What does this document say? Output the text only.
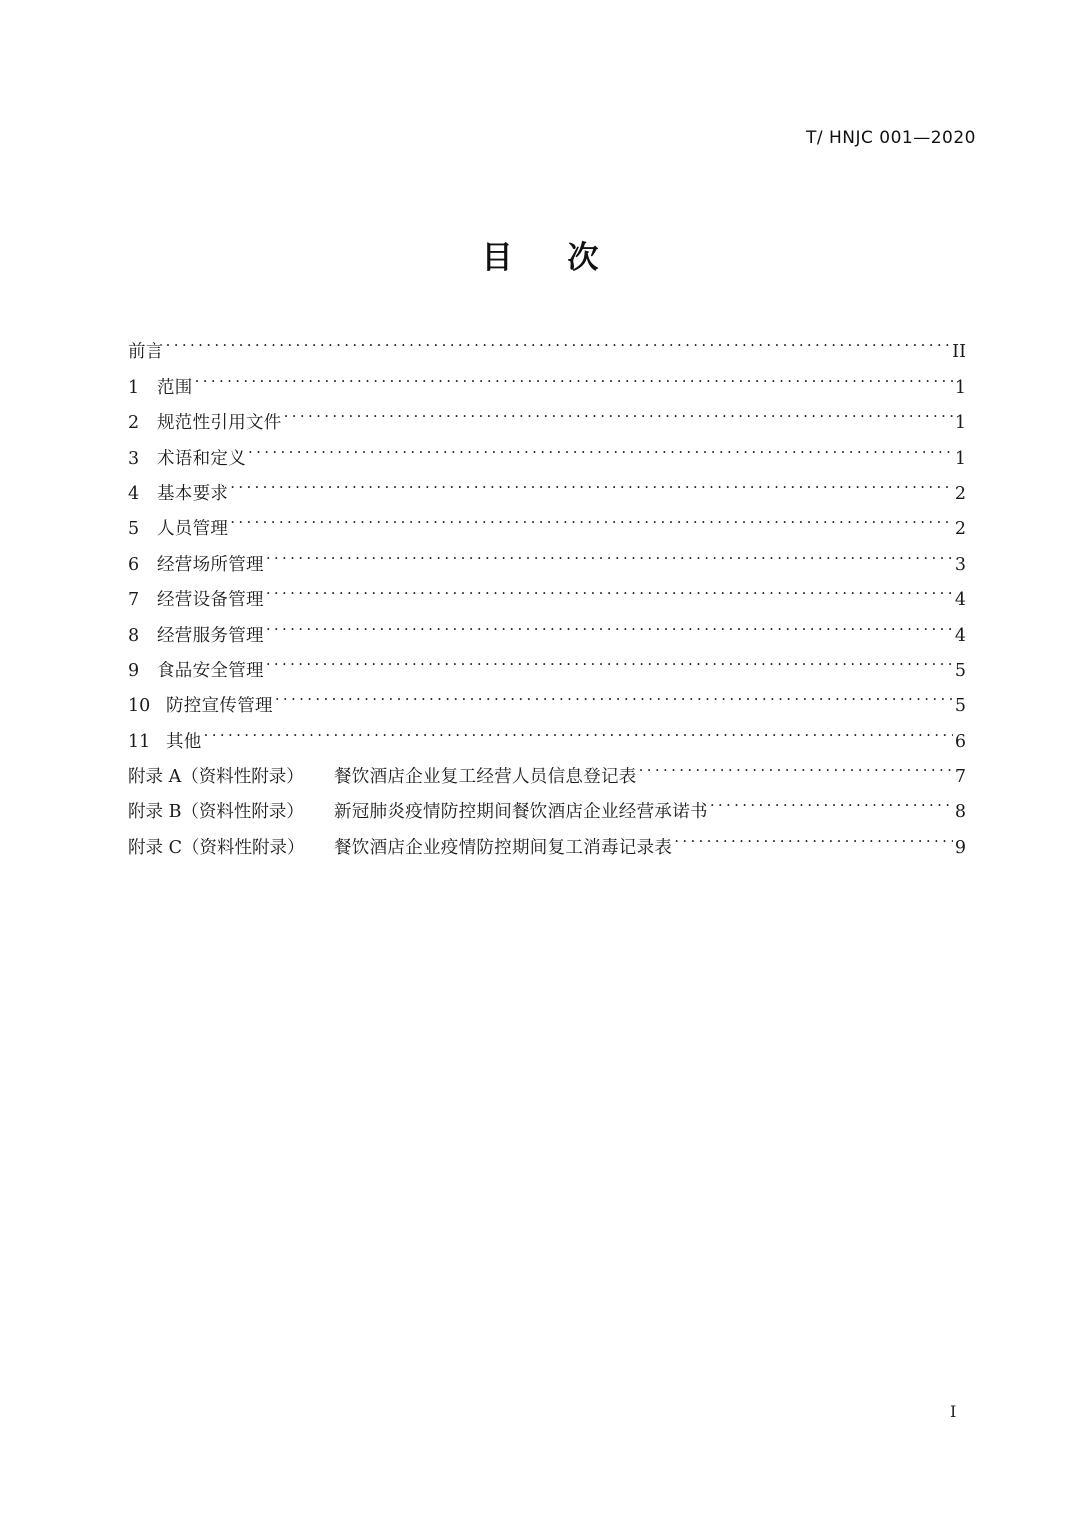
T/ HNJC 001—2020
目 次
前言 .....	II
1	范围 .....	1
2	规范性引用文件 .....	1
3	术语和定义 .....	1
4	基本要求 .....	2
5	人员管理 .....	2
6	经营场所管理 .....	3
7	经营设备管理 .....	4
8	经营服务管理 .....	4
9	食品安全管理 .....	5
10 防控宣传管理 .....	5
11 其他 .....	6
附录 A（资料性附录）	餐饮酒店企业复工经营人员信息登记表 .....	7
附录 B（资料性附录）	新冠肺炎疫情防控期间餐饮酒店企业经营承诺书 .....	8
附录 C（资料性附录）	餐饮酒店企业疫情防控期间复工消毒记录表 .....	9
I
